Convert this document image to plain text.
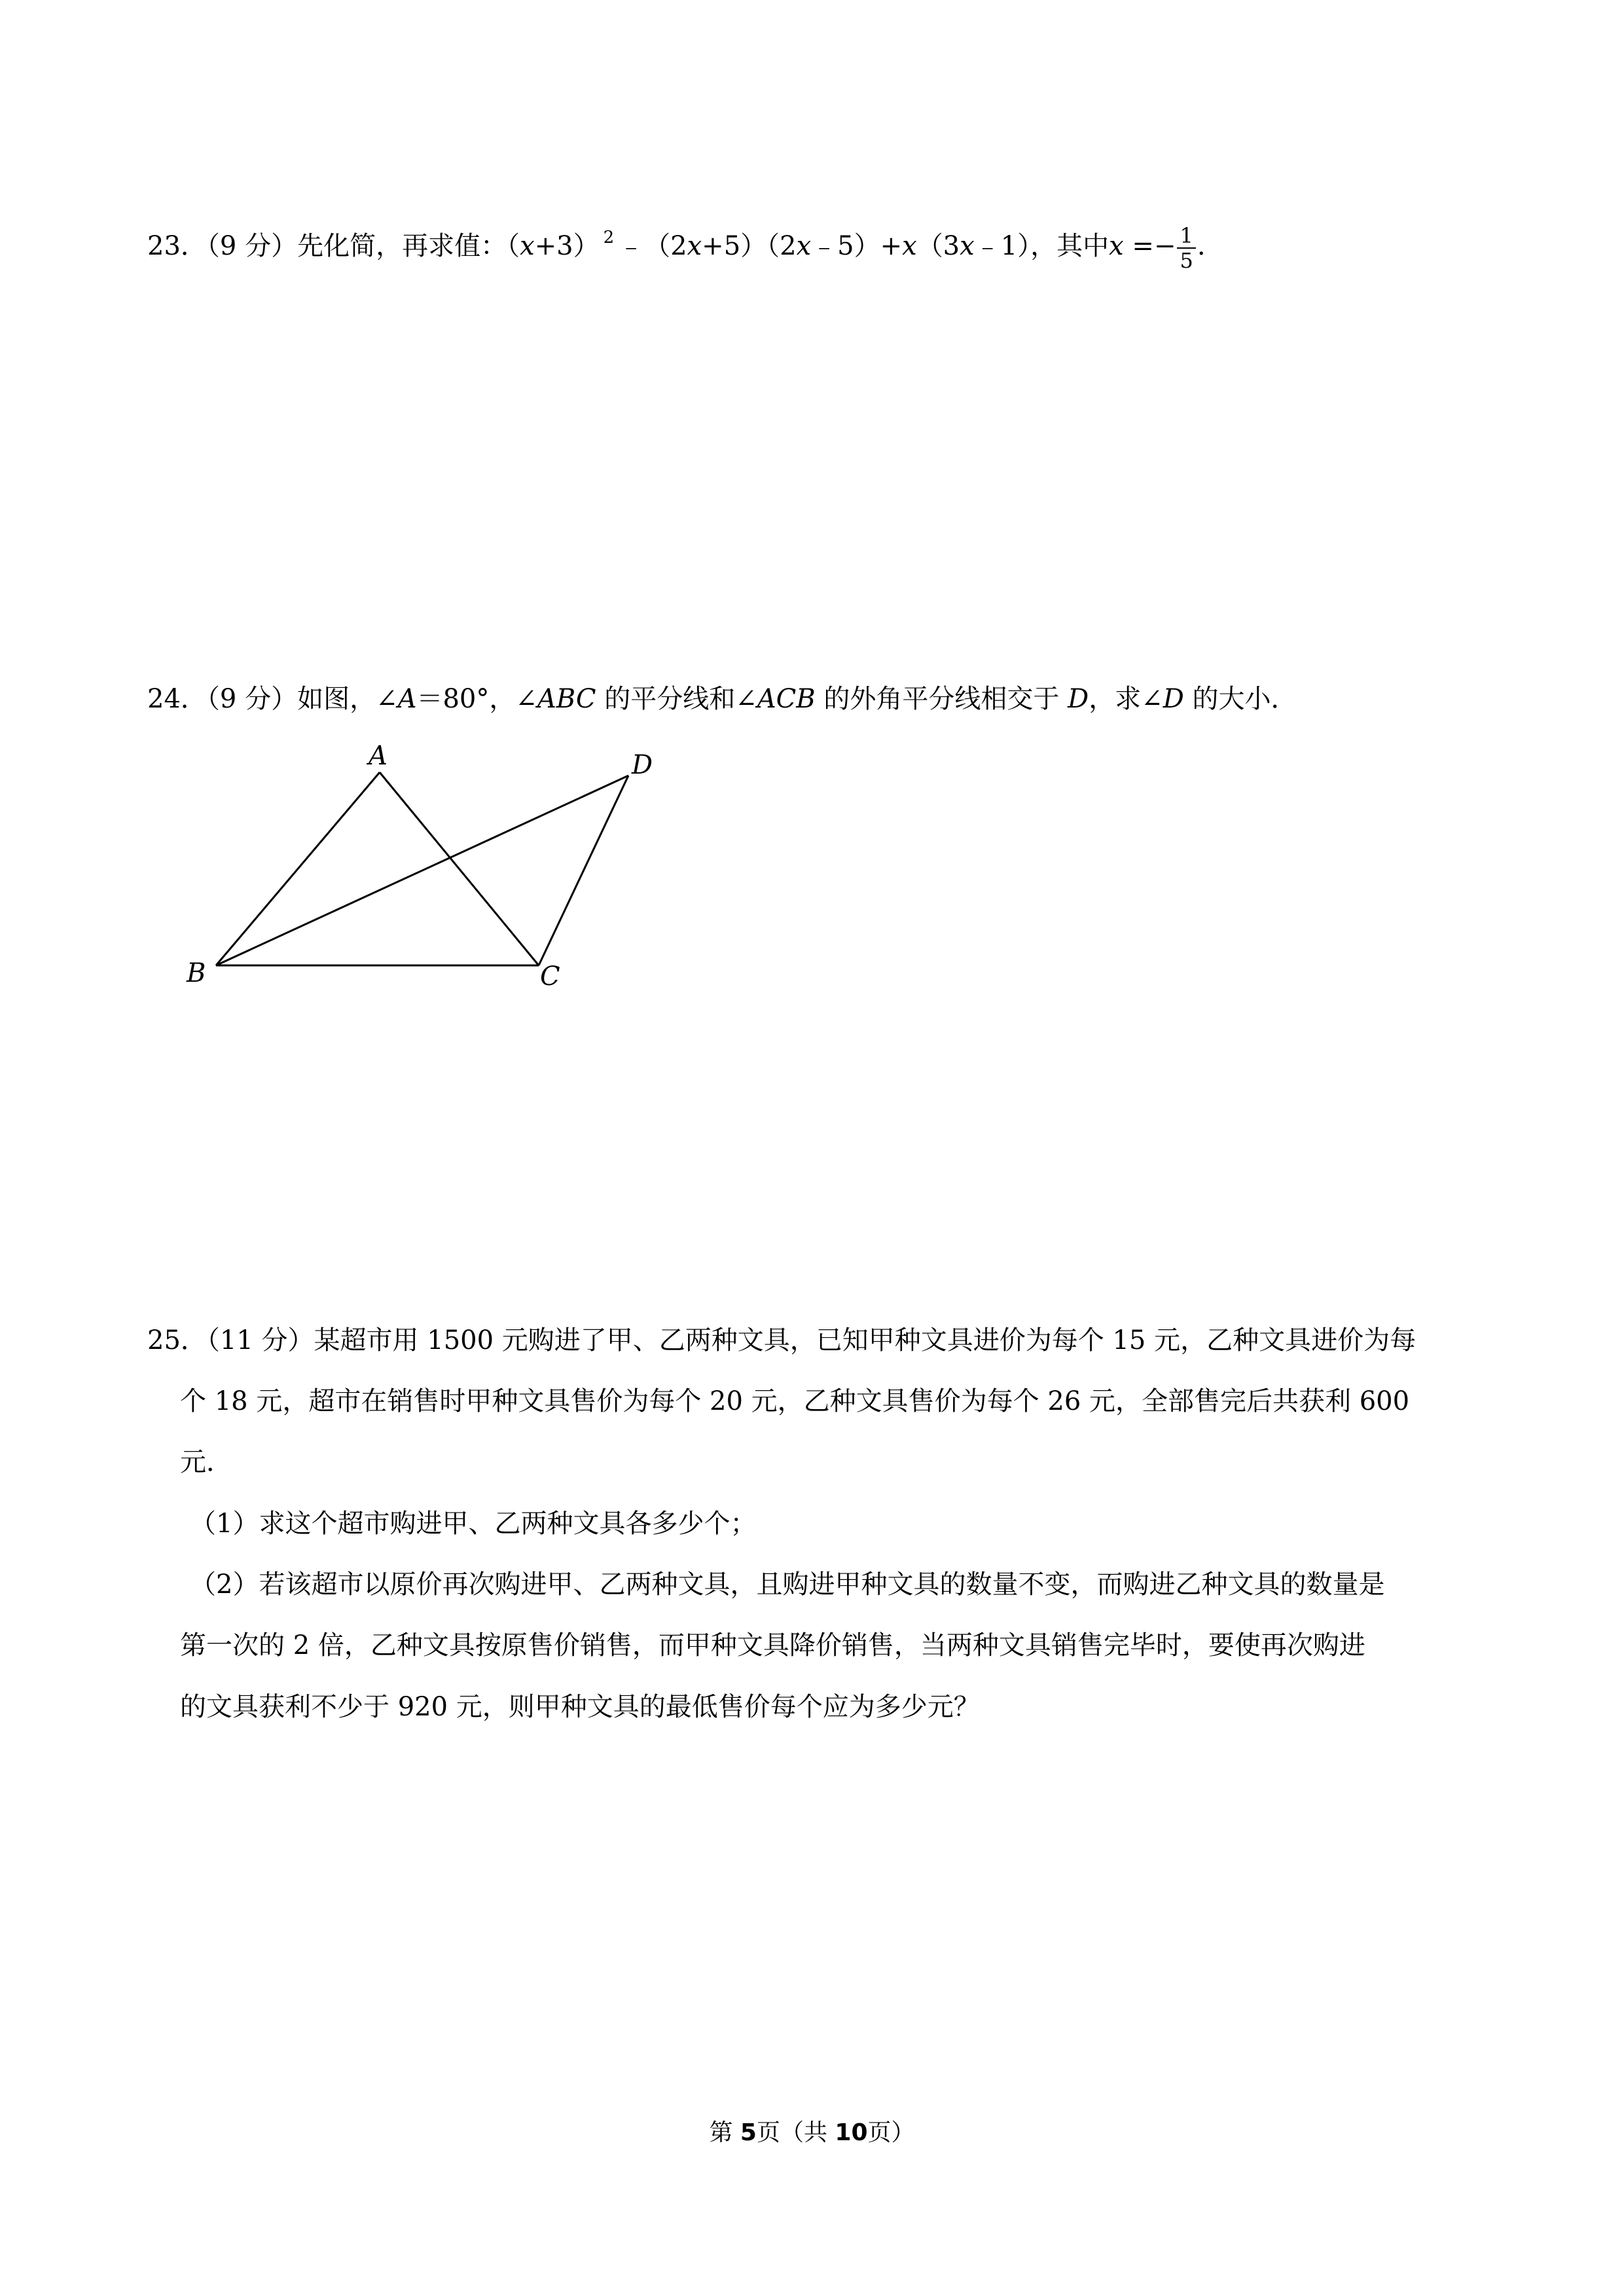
23．（9 分）先化简，再求值：（x+3） $^2$ ﹣（2x+5）（2x﹣5）+x（3x﹣1），其中$x =- \frac{1}{5}$ .
24．（9 分）如图，∠A＝80°，∠ABC 的平分线和∠ACB 的外角平分线相交于 D，求∠D 的大小．
A
B	C
D
25．（11 分）某超市用 1500 元购进了甲、乙两种文具，已知甲种文具进价为每个 15 元，乙种文具进价为每
个 18 元，超市在销售时甲种文具售价为每个 20 元，乙种文具售价为每个 26 元，全部售完后共获利 600
元．
（1）求这个超市购进甲、乙两种文具各多少个；
（2）若该超市以原价再次购进甲、乙两种文具，且购进甲种文具的数量不变，而购进乙种文具的数量是
第一次的 2 倍，乙种文具按原售价销售，而甲种文具降价销售，当两种文具销售完毕时，要使再次购进
的文具获利不少于 920 元，则甲种文具的最低售价每个应为多少元？
第 5页（共 10页）
